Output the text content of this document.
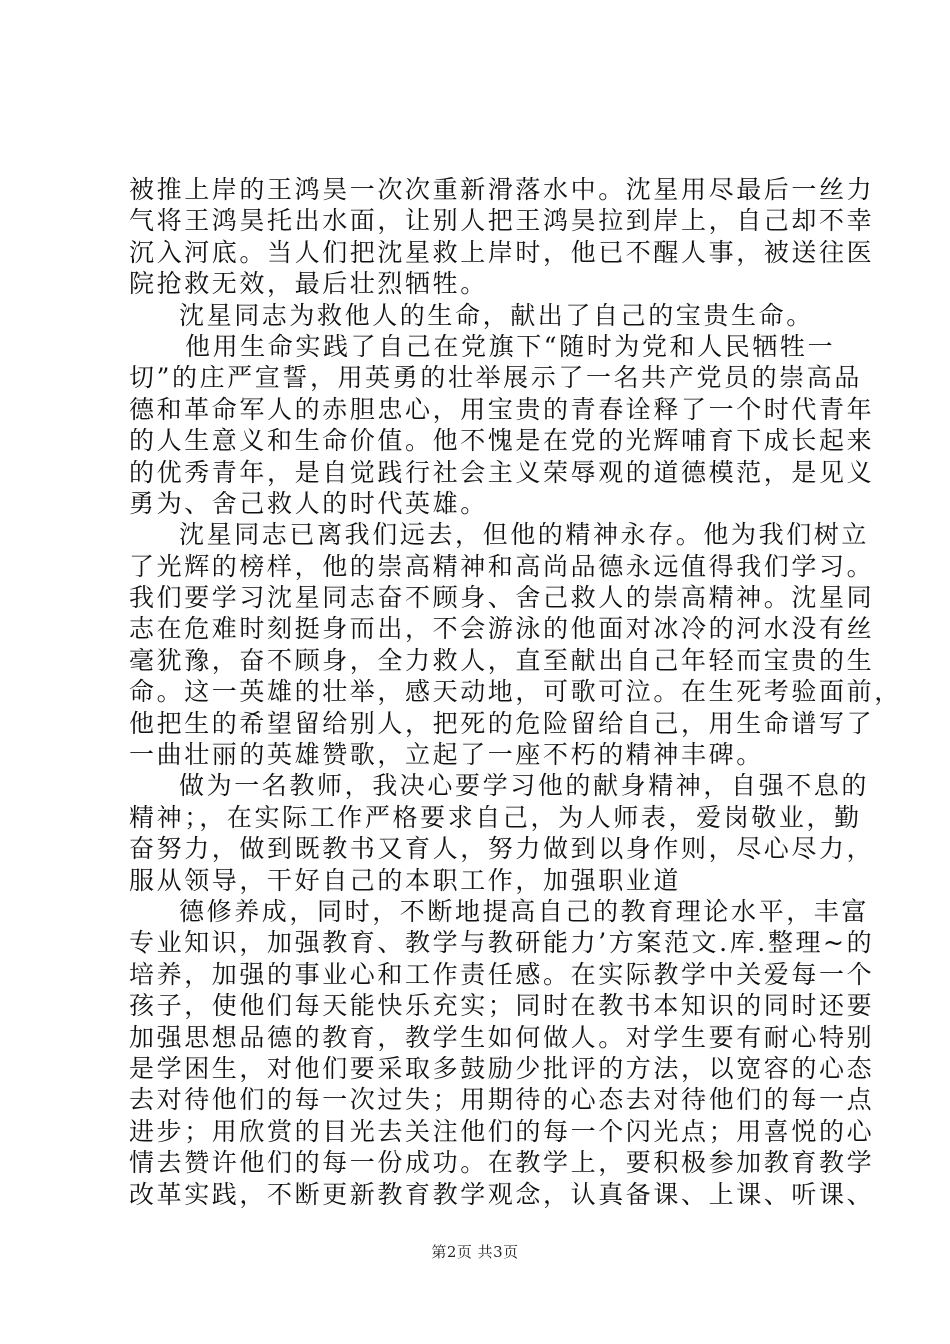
被推上岸的王鸿昊一次次重新滑落水中。沈星用尽最后一丝力
气将王鸿昊托出水面，让别人把王鸿昊拉到岸上，自己却不幸
沉入河底。当人们把沈星救上岸时，他已不醒人事，被送往医
院抢救无效，最后壮烈牺牲。
沈星同志为救他人的生命，献出了自己的宝贵生命。
他用生命实践了自己在党旗下“随时为党和人民牺牲一
切”的庄严宣誓，用英勇的壮举展示了一名共产党员的崇高品
德和革命军人的赤胆忠心，用宝贵的青春诠释了一个时代青年
的人生意义和生命价值。他不愧是在党的光辉哺育下成长起来
的优秀青年，是自觉践行社会主义荣辱观的道德模范，是见义
勇为、舍己救人的时代英雄。
沈星同志已离我们远去，但他的精神永存。他为我们树立
了光辉的榜样，他的崇高精神和高尚品德永远值得我们学习。
我们要学习沈星同志奋不顾身、舍己救人的崇高精神。沈星同
志在危难时刻挺身而出，不会游泳的他面对冰冷的河水没有丝
毫犹豫，奋不顾身，全力救人，直至献出自己年轻而宝贵的生
命。这一英雄的壮举，感天动地，可歌可泣。在生死考验面前，
他把生的希望留给别人，把死的危险留给自己，用生命谱写了
一曲壮丽的英雄赞歌，立起了一座不朽的精神丰碑。
做为一名教师，我决心要学习他的献身精神，自强不息的
精神；，在实际工作严格要求自己，为人师表，爱岗敬业，勤
奋努力，做到既教书又育人，努力做到以身作则，尽心尽力，
服从领导，干好自己的本职工作，加强职业道
德修养成，同时，不断地提高自己的教育理论水平，丰富
专业知识，加强教育、教学与教研能力’方案范文.库.整理~的
培养，加强的事业心和工作责任感。在实际教学中关爱每一个
孩子，使他们每天能快乐充实；同时在教书本知识的同时还要
加强思想品德的教育，教学生如何做人。对学生要有耐心特别
是学困生，对他们要采取多鼓励少批评的方法，以宽容的心态
去对待他们的每一次过失；用期待的心态去对待他们的每一点
进步；用欣赏的目光去关注他们的每一个闪光点；用喜悦的心
情去赞许他们的每一份成功。在教学上，要积极参加教育教学
改革实践，不断更新教育教学观念，认真备课、上课、听课、
第2页 共3页
